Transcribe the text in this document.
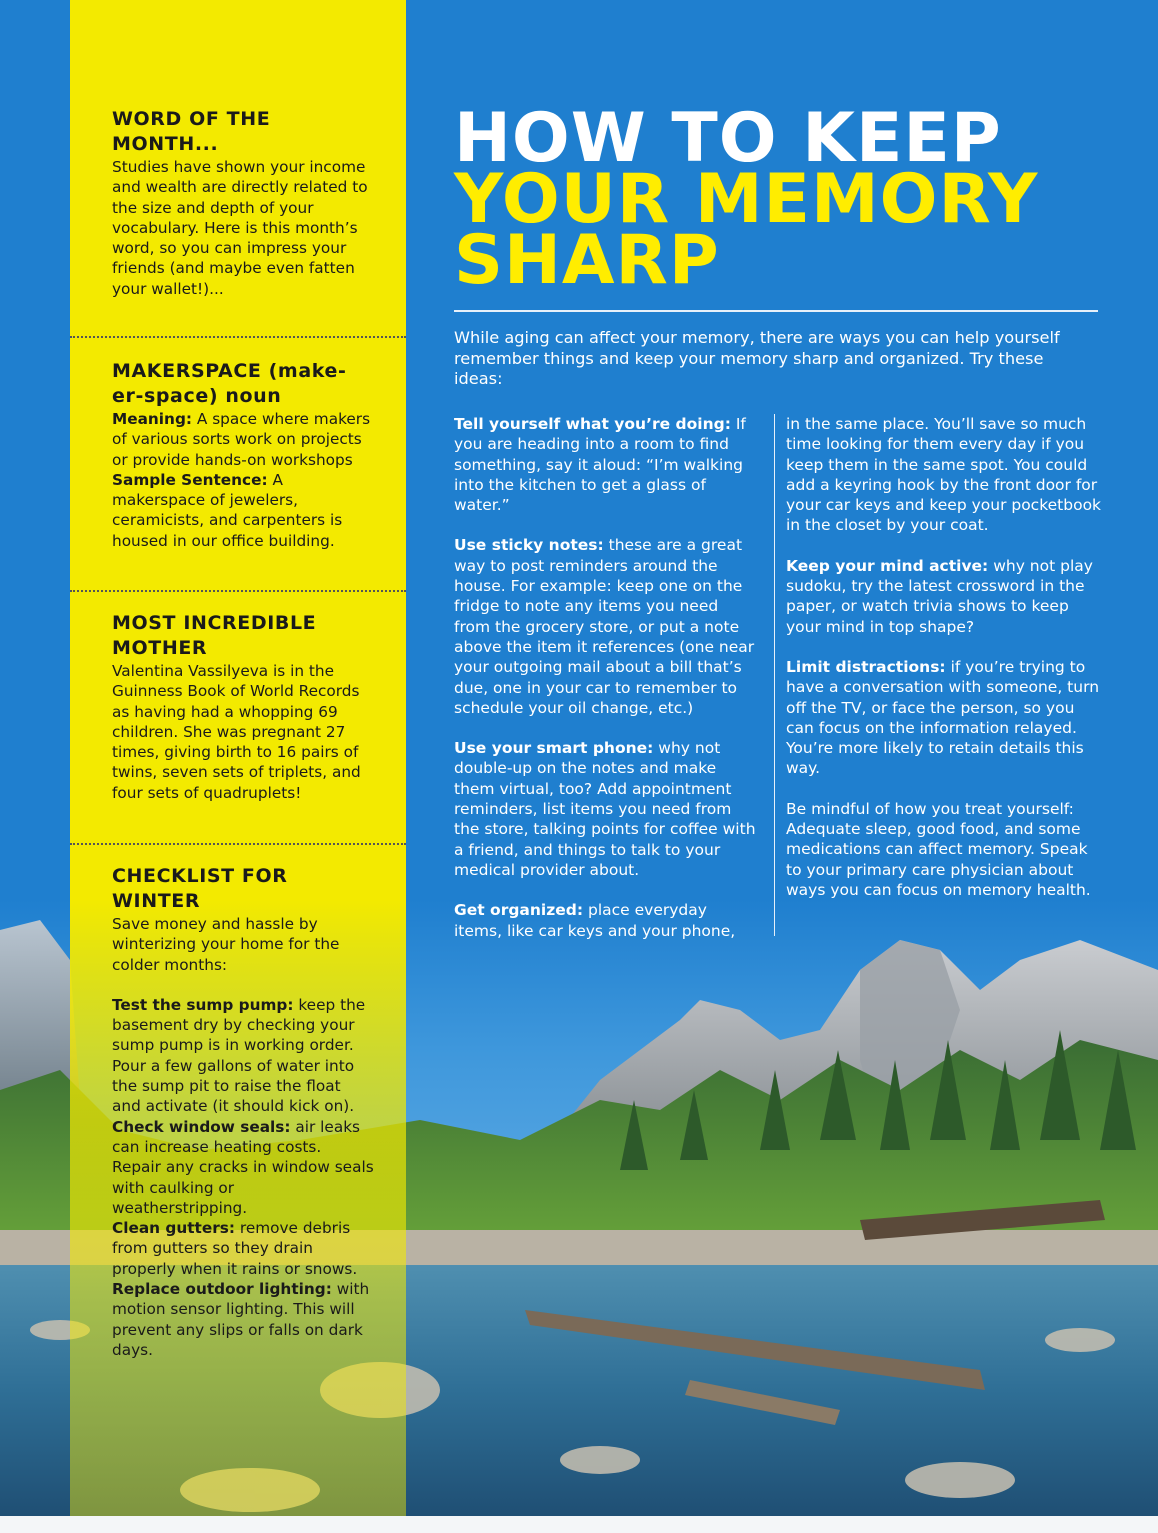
WORD OF THE MONTH...

Studies have shown your income and wealth are directly related to the size and depth of your vocabulary. Here is this month’s word, so you can impress your friends (and maybe even fatten your wallet!)...

MAKERSPACE (make-er-space) noun

Meaning: A space where makers of various sorts work on projects or provide hands-on workshops

Sample Sentence: A makerspace of jewelers, ceramicists, and carpenters is housed in our office building.

MOST INCREDIBLE MOTHER

Valentina Vassilyeva is in the Guinness Book of World Records as having had a whopping 69 children. She was pregnant 27 times, giving birth to 16 pairs of twins, seven sets of triplets, and four sets of quadruplets!

CHECKLIST FOR WINTER

Save money and hassle by winterizing your home for the colder months:

Test the sump pump: keep the basement dry by checking your sump pump is in working order. Pour a few gallons of water into the sump pit to raise the float and activate (it should kick on).

Check window seals: air leaks can increase heating costs. Repair any cracks in window seals with caulking or weatherstripping.

Clean gutters: remove debris from gutters so they drain properly when it rains or snows.

Replace outdoor lighting: with motion sensor lighting. This will prevent any slips or falls on dark days.

HOW TO KEEP
YOUR MEMORY
SHARP

While aging can affect your memory, there are ways you can help yourself remember things and keep your memory sharp and organized. Try these ideas:

Tell yourself what you’re doing: If you are heading into a room to find something, say it aloud: “I’m walking into the kitchen to get a glass of water.”

Use sticky notes: these are a great way to post reminders around the house. For example: keep one on the fridge to note any items you need from the grocery store, or put a note above the item it references (one near your outgoing mail about a bill that’s due, one in your car to remember to schedule your oil change, etc.)

Use your smart phone: why not double-up on the notes and make them virtual, too? Add appointment reminders, list items you need from the store, talking points for coffee with a friend, and things to talk to your medical provider about.

Get organized: place everyday items, like car keys and your phone,

in the same place. You’ll save so much time looking for them every day if you keep them in the same spot. You could add a keyring hook by the front door for your car keys and keep your pocketbook in the closet by your coat.

Keep your mind active: why not play sudoku, try the latest crossword in the paper, or watch trivia shows to keep your mind in top shape?

Limit distractions: if you’re trying to have a conversation with someone, turn off the TV, or face the person, so you can focus on the information relayed. You’re more likely to retain details this way.

Be mindful of how you treat yourself: Adequate sleep, good food, and some medications can affect memory. Speak to your primary care physician about ways you can focus on memory health.
